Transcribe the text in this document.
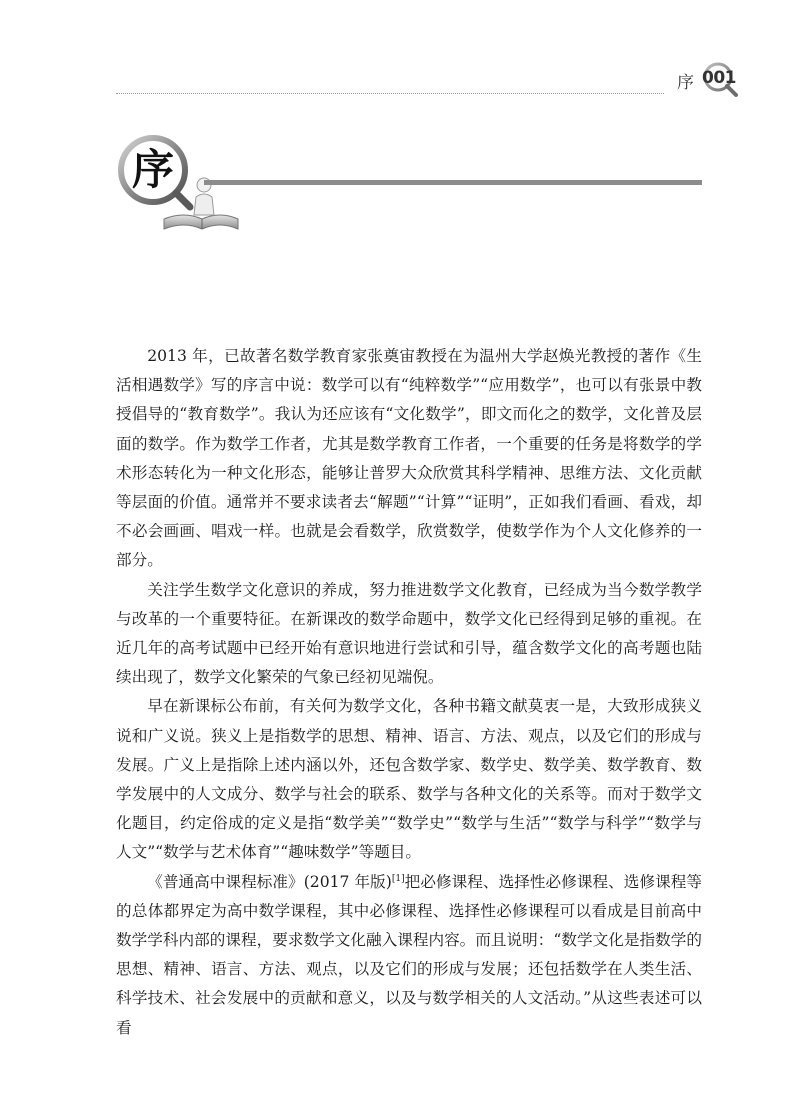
序 001
序

2013 年，已故著名数学教育家张奠宙教授在为温州大学赵焕光教授的著作《生活相遇数学》写的序言中说：数学可以有“纯粹数学”“应用数学”，也可以有张景中教授倡导的“教育数学”。我认为还应该有“文化数学”，即文而化之的数学，文化普及层面的数学。作为数学工作者，尤其是数学教育工作者，一个重要的任务是将数学的学术形态转化为一种文化形态，能够让普罗大众欣赏其科学精神、思维方法、文化贡献等层面的价值。通常并不要求读者去“解题”“计算”“证明”，正如我们看画、看戏，却不必会画画、唱戏一样。也就是会看数学，欣赏数学，使数学作为个人文化修养的一部分。

关注学生数学文化意识的养成，努力推进数学文化教育，已经成为当今数学教学与改革的一个重要特征。在新课改的数学命题中，数学文化已经得到足够的重视。在近几年的高考试题中已经开始有意识地进行尝试和引导，蕴含数学文化的高考题也陆续出现了，数学文化繁荣的气象已经初见端倪。

早在新课标公布前，有关何为数学文化，各种书籍文献莫衷一是，大致形成狭义说和广义说。狭义上是指数学的思想、精神、语言、方法、观点，以及它们的形成与发展。广义上是指除上述内涵以外，还包含数学家、数学史、数学美、数学教育、数学发展中的人文成分、数学与社会的联系、数学与各种文化的关系等。而对于数学文化题目，约定俗成的定义是指“数学美”“数学史”“数学与生活”“数学与科学”“数学与人文”“数学与艺术体育”“趣味数学”等题目。

《普通高中课程标准》(2017 年版)[1]把必修课程、选择性必修课程、选修课程等的总体都界定为高中数学课程，其中必修课程、选择性必修课程可以看成是目前高中数学学科内部的课程，要求数学文化融入课程内容。而且说明：“数学文化是指数学的思想、精神、语言、方法、观点，以及它们的形成与发展；还包括数学在人类生活、科学技术、社会发展中的贡献和意义，以及与数学相关的人文活动。”从这些表述可以看
